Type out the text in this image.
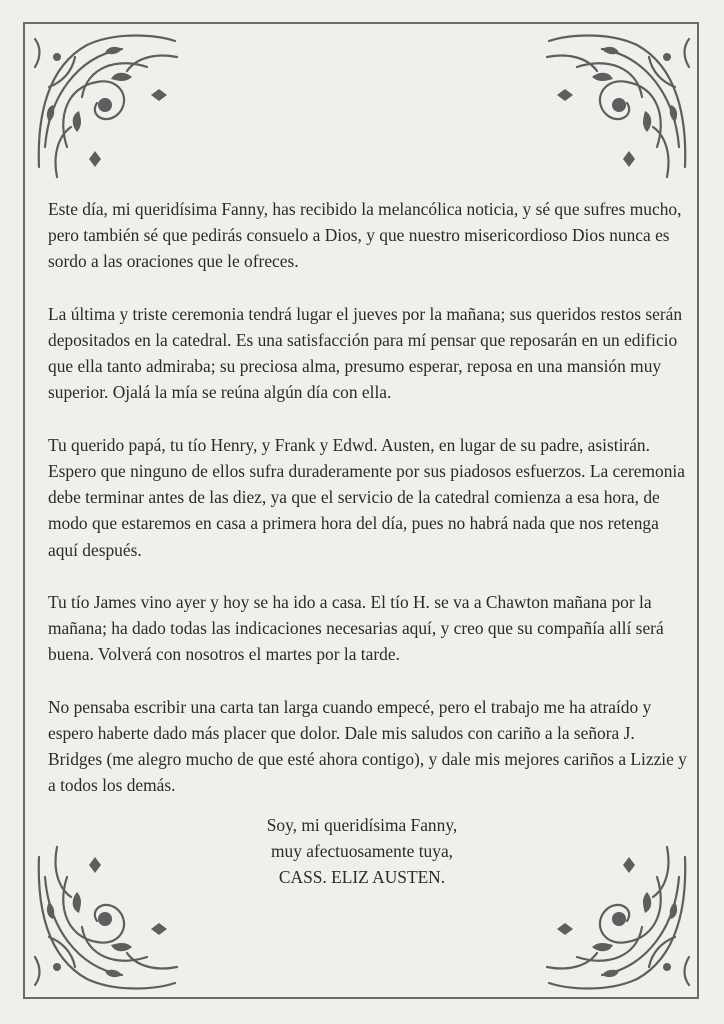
Este día, mi queridísima Fanny, has recibido la melancólica noticia, y sé que sufres mucho, pero también sé que pedirás consuelo a Dios, y que nuestro misericordioso Dios nunca es sordo a las oraciones que le ofreces.

La última y triste ceremonia tendrá lugar el jueves por la mañana; sus queridos restos serán depositados en la catedral. Es una satisfacción para mí pensar que reposarán en un edificio que ella tanto admiraba; su preciosa alma, presumo esperar, reposa en una mansión muy superior. Ojalá la mía se reúna algún día con ella.

Tu querido papá, tu tío Henry, y Frank y Edwd. Austen, en lugar de su padre, asistirán. Espero que ninguno de ellos sufra duraderamente por sus piadosos esfuerzos. La ceremonia debe terminar antes de las diez, ya que el servicio de la catedral comienza a esa hora, de modo que estaremos en casa a primera hora del día, pues no habrá nada que nos retenga aquí después.

Tu tío James vino ayer y hoy se ha ido a casa. El tío H. se va a Chawton mañana por la mañana; ha dado todas las indicaciones necesarias aquí, y creo que su compañía allí será buena. Volverá con nosotros el martes por la tarde.

No pensaba escribir una carta tan larga cuando empecé, pero el trabajo me ha atraído y espero haberte dado más placer que dolor. Dale mis saludos con cariño a la señora J. Bridges (me alegro mucho de que esté ahora contigo), y dale mis mejores cariños a Lizzie y a todos los demás.

Soy, mi queridísima Fanny,
muy afectuosamente tuya,
CASS. ELIZ AUSTEN.
